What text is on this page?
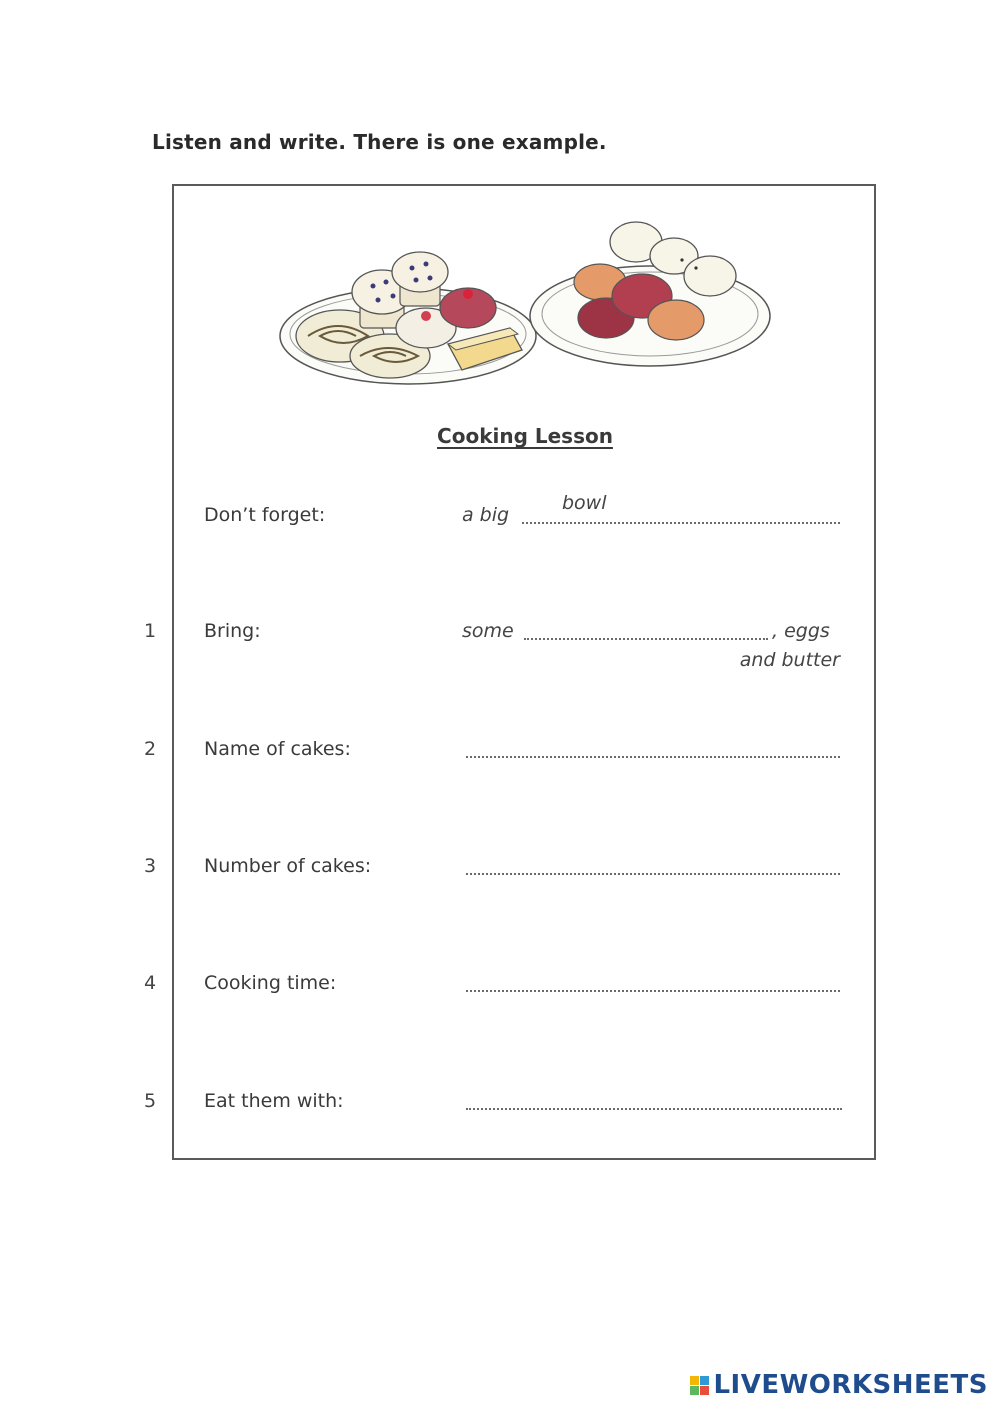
Listen and write. There is one example.
Cooking Lesson
Don’t forget:	a big
bowl
1	Bring:	some	, eggs
and butter
2	Name of cakes:
3	Number of cakes:
4	Cooking time:
5	Eat them with:
LIVEWORKSHEETS
